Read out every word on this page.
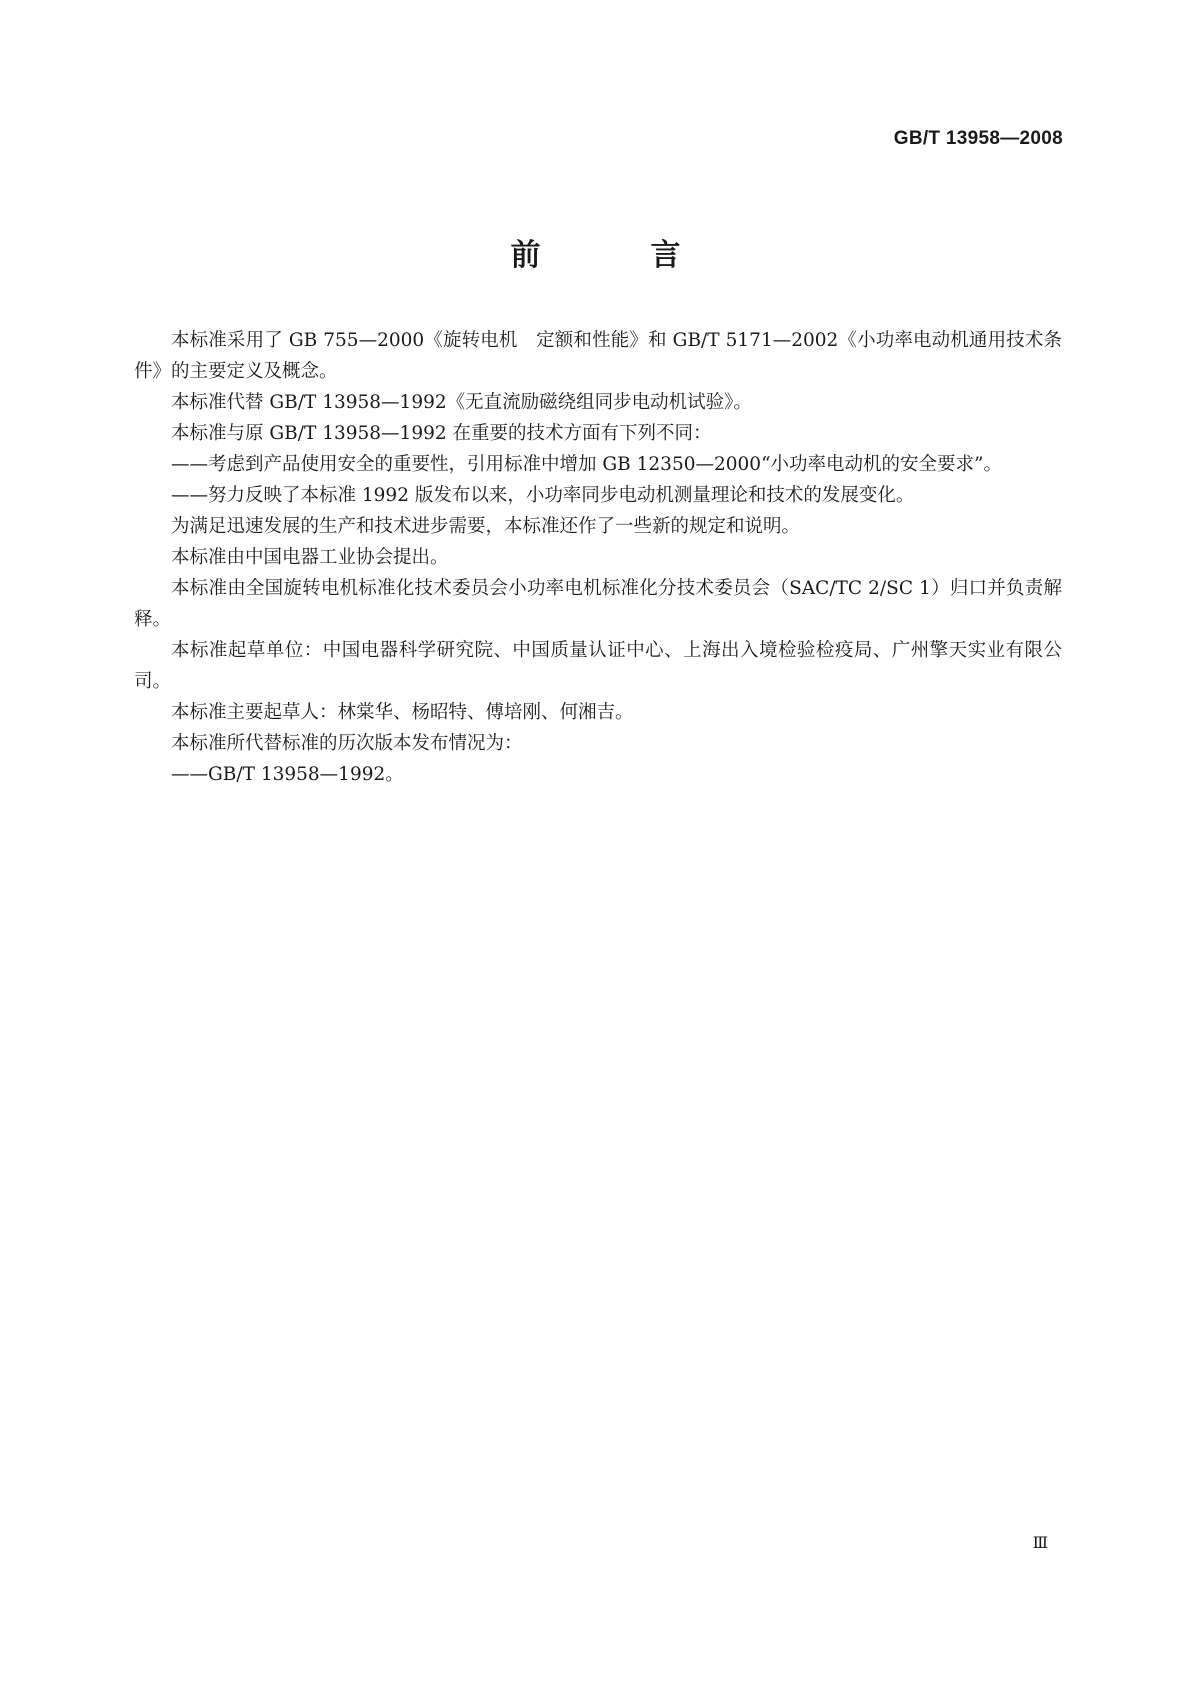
GB/T 13958—2008
前　言

本标准采用了 GB 755—2000《旋转电机　定额和性能》和 GB/T 5171—2002《小功率电动机通用技术条件》的主要定义及概念。

本标准代替 GB/T 13958—1992《无直流励磁绕组同步电动机试验》。

本标准与原 GB/T 13958—1992 在重要的技术方面有下列不同：

——考虑到产品使用安全的重要性，引用标准中增加 GB 12350—2000“小功率电动机的安全要求”。

——努力反映了本标准 1992 版发布以来，小功率同步电动机测量理论和技术的发展变化。

为满足迅速发展的生产和技术进步需要，本标准还作了一些新的规定和说明。

本标准由中国电器工业协会提出。

本标准由全国旋转电机标准化技术委员会小功率电机标准化分技术委员会（SAC/TC 2/SC 1）归口并负责解释。

本标准起草单位：中国电器科学研究院、中国质量认证中心、上海出入境检验检疫局、广州擎天实业有限公司。

本标准主要起草人：林棠华、杨昭特、傅培刚、何湘吉。

本标准所代替标准的历次版本发布情况为：

——GB/T 13958—1992。

Ⅲ
